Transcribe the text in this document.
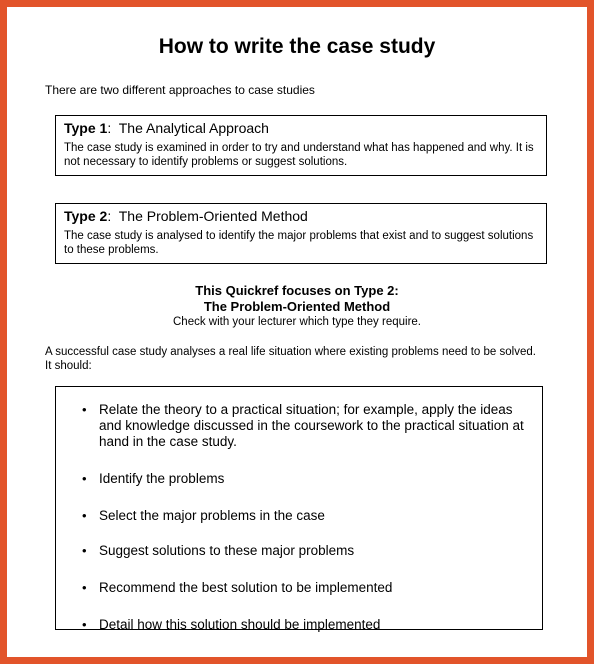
How to write the case study

There are two different approaches to case studies

Type 1:  The Analytical Approach

The case study is examined in order to try and understand what has happened and why. It is not necessary to identify problems or suggest solutions.

Type 2:  The Problem-Oriented Method

The case study is analysed to identify the major problems that exist and to suggest solutions to these problems.

This Quickref focuses on Type 2:
The Problem-Oriented Method
Check with your lecturer which type they require.

A successful case study analyses a real life situation where existing problems need to be solved. It should:

• Relate the theory to a practical situation; for example, apply the ideas and knowledge discussed in the coursework to the practical situation at hand in the case study.
• Identify the problems
• Select the major problems in the case
• Suggest solutions to these major problems
• Recommend the best solution to be implemented
• Detail how this solution should be implemented
